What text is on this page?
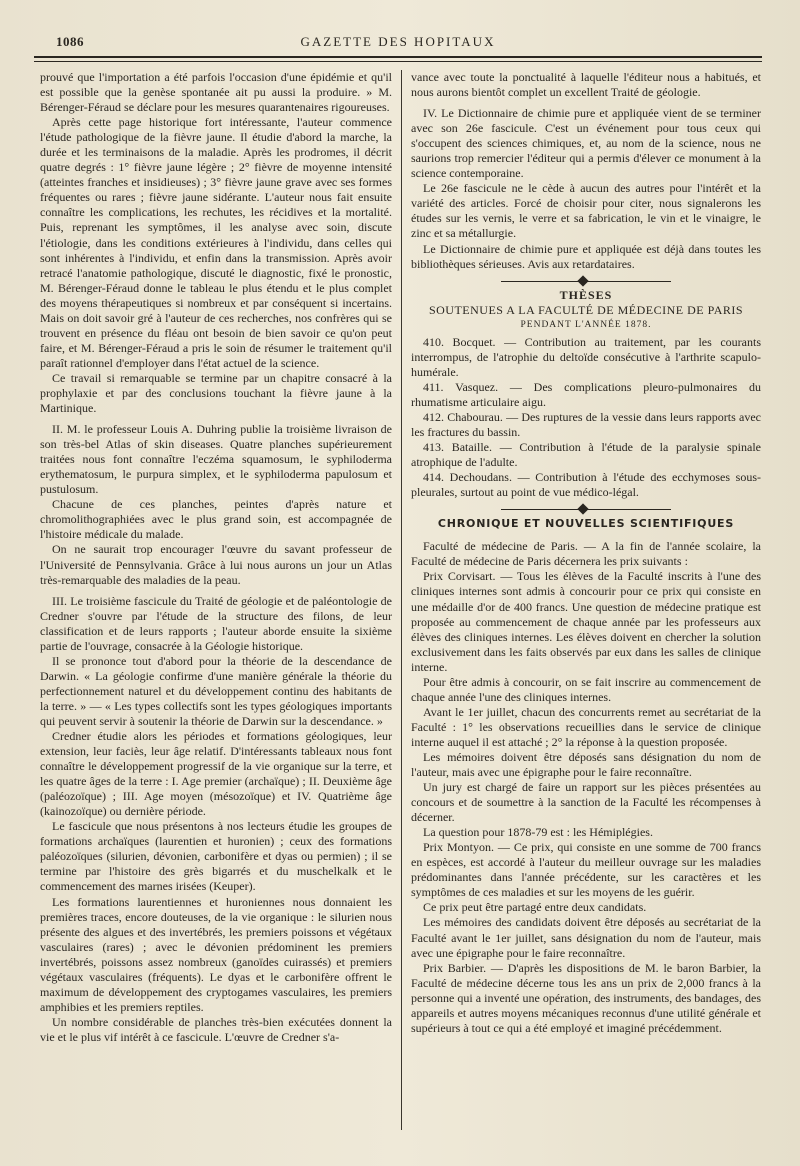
1086	GAZETTE DES HOPITAUX

prouvé que l'importation a été parfois l'occasion d'une épidémie et qu'il est possible que la genèse spontanée ait pu aussi la produire. » M. Bérenger-Féraud se déclare pour les mesures quarantenaires rigoureuses.

Après cette page historique fort intéressante, l'auteur commence l'étude pathologique de la fièvre jaune. Il étudie d'abord la marche, la durée et les terminaisons de la maladie. Après les prodromes, il décrit quatre degrés : 1° fièvre jaune légère ; 2° fièvre de moyenne intensité (atteintes franches et insidieuses) ; 3° fièvre jaune grave avec ses formes fréquentes ou rares ; fièvre jaune sidérante. L'auteur nous fait ensuite connaître les complications, les rechutes, les récidives et la mortalité. Puis, reprenant les symptômes, il les analyse avec soin, discute l'étiologie, dans les conditions extérieures à l'individu, dans celles qui sont inhérentes à l'individu, et enfin dans la transmission. Après avoir retracé l'anatomie pathologique, discuté le diagnostic, fixé le pronostic, M. Bérenger-Féraud donne le tableau le plus étendu et le plus complet des moyens thérapeutiques si nombreux et par conséquent si incertains. Mais on doit savoir gré à l'auteur de ces recherches, nos confrères qui se trouvent en présence du fléau ont besoin de bien savoir ce qu'on peut faire, et M. Bérenger-Féraud a pris le soin de résumer le traitement qu'il paraît rationnel d'employer dans l'état actuel de la science.

Ce travail si remarquable se termine par un chapitre consacré à la prophylaxie et par des conclusions touchant la fièvre jaune à la Martinique.

II. M. le professeur Louis A. Duhring publie la troisième livraison de son très-bel Atlas of skin diseases. Quatre planches supérieurement traitées nous font connaître l'eczéma squamosum, le syphiloderma erythematosum, le purpura simplex, et le syphiloderma papulosum et pustulosum.

Chacune de ces planches, peintes d'après nature et chromolithographiées avec le plus grand soin, est accompagnée de l'histoire médicale du malade.

On ne saurait trop encourager l'œuvre du savant professeur de l'Université de Pennsylvania. Grâce à lui nous aurons un jour un Atlas très-remarquable des maladies de la peau.

III. Le troisième fascicule du Traité de géologie et de paléontologie de Credner s'ouvre par l'étude de la structure des filons, de leur classification et de leurs rapports ; l'auteur aborde ensuite la sixième partie de l'ouvrage, consacrée à la Géologie historique.

Il se prononce tout d'abord pour la théorie de la descendance de Darwin. « La géologie confirme d'une manière générale la théorie du perfectionnement naturel et du développement continu des habitants de la terre. » — « Les types collectifs sont les types géologiques importants qui peuvent servir à soutenir la théorie de Darwin sur la descendance. »

Credner étudie alors les périodes et formations géologiques, leur extension, leur faciès, leur âge relatif. D'intéressants tableaux nous font connaître le développement progressif de la vie organique sur la terre, et les quatre âges de la terre : I. Age premier (archaïque) ; II. Deuxième âge (paléozoïque) ; III. Age moyen (mésozoïque) et IV. Quatrième âge (kainozoïque) ou dernière période.

Le fascicule que nous présentons à nos lecteurs étudie les groupes de formations archaïques (laurentien et huronien) ; ceux des formations paléozoïques (silurien, dévonien, carbonifère et dyas ou permien) ; il se termine par l'histoire des grès bigarrés et du muschelkalk et le commencement des marnes irisées (Keuper).

Les formations laurentiennes et huroniennes nous donnaient les premières traces, encore douteuses, de la vie organique : le silurien nous présente des algues et des invertébrés, les premiers poissons et végétaux vasculaires (rares) ; avec le dévonien prédominent les premiers invertébrés, poissons assez nombreux (ganoïdes cuirassés) et premiers végétaux vasculaires (fréquents). Le dyas et le carbonifère offrent le maximum de développement des cryptogames vasculaires, les premiers amphibies et les premiers reptiles.

Un nombre considérable de planches très-bien exécutées donnent la vie et le plus vif intérêt à ce fascicule. L'œuvre de Credner s'a-

vance avec toute la ponctualité à laquelle l'éditeur nous a habitués, et nous aurons bientôt complet un excellent Traité de géologie.

IV. Le Dictionnaire de chimie pure et appliquée vient de se terminer avec son 26e fascicule. C'est un événement pour tous ceux qui s'occupent des sciences chimiques, et, au nom de la science, nous ne saurions trop remercier l'éditeur qui a permis d'élever ce monument à la science contemporaine.

Le 26e fascicule ne le cède à aucun des autres pour l'intérêt et la variété des articles. Forcé de choisir pour citer, nous signalerons les études sur les vernis, le verre et sa fabrication, le vin et le vinaigre, le zinc et sa métallurgie.

Le Dictionnaire de chimie pure et appliquée est déjà dans toutes les bibliothèques sérieuses. Avis aux retardataires.

THÈSES
SOUTENUES A LA FACULTÉ DE MÉDECINE DE PARIS
PENDANT L'ANNÉE 1878.

410. Bocquet. — Contribution au traitement, par les courants interrompus, de l'atrophie du deltoïde consécutive à l'arthrite scapulo-humérale.

411. Vasquez. — Des complications pleuro-pulmonaires du rhumatisme articulaire aigu.

412. Chabourau. — Des ruptures de la vessie dans leurs rapports avec les fractures du bassin.

413. Bataille. — Contribution à l'étude de la paralysie spinale atrophique de l'adulte.

414. Dechoudans. — Contribution à l'étude des ecchymoses sous-pleurales, surtout au point de vue médico-légal.

CHRONIQUE ET NOUVELLES SCIENTIFIQUES

Faculté de médecine de Paris. — A la fin de l'année scolaire, la Faculté de médecine de Paris décernera les prix suivants :

Prix Corvisart. — Tous les élèves de la Faculté inscrits à l'une des cliniques internes sont admis à concourir pour ce prix qui consiste en une médaille d'or de 400 francs. Une question de médecine pratique est proposée au commencement de chaque année par les professeurs aux élèves des cliniques internes. Les élèves doivent en chercher la solution exclusivement dans les faits observés par eux dans les salles de clinique interne.

Pour être admis à concourir, on se fait inscrire au commencement de chaque année l'une des cliniques internes.

Avant le 1er juillet, chacun des concurrents remet au secrétariat de la Faculté : 1° les observations recueillies dans le service de clinique interne auquel il est attaché ; 2° la réponse à la question proposée.

Les mémoires doivent être déposés sans désignation du nom de l'auteur, mais avec une épigraphe pour le faire reconnaître.

Un jury est chargé de faire un rapport sur les pièces présentées au concours et de soumettre à la sanction de la Faculté les récompenses à décerner.

La question pour 1878-79 est : les Hémiplégies.

Prix Montyon. — Ce prix, qui consiste en une somme de 700 francs en espèces, est accordé à l'auteur du meilleur ouvrage sur les maladies prédominantes dans l'année précédente, sur les caractères et les symptômes de ces maladies et sur les moyens de les guérir.

Ce prix peut être partagé entre deux candidats.

Les mémoires des candidats doivent être déposés au secrétariat de la Faculté avant le 1er juillet, sans désignation du nom de l'auteur, mais avec une épigraphe pour le faire reconnaître.

Prix Barbier. — D'après les dispositions de M. le baron Barbier, la Faculté de médecine décerne tous les ans un prix de 2,000 francs à la personne qui a inventé une opération, des instruments, des bandages, des appareils et autres moyens mécaniques reconnus d'une utilité générale et supérieurs à tout ce qui a été employé et imaginé précédemment.
